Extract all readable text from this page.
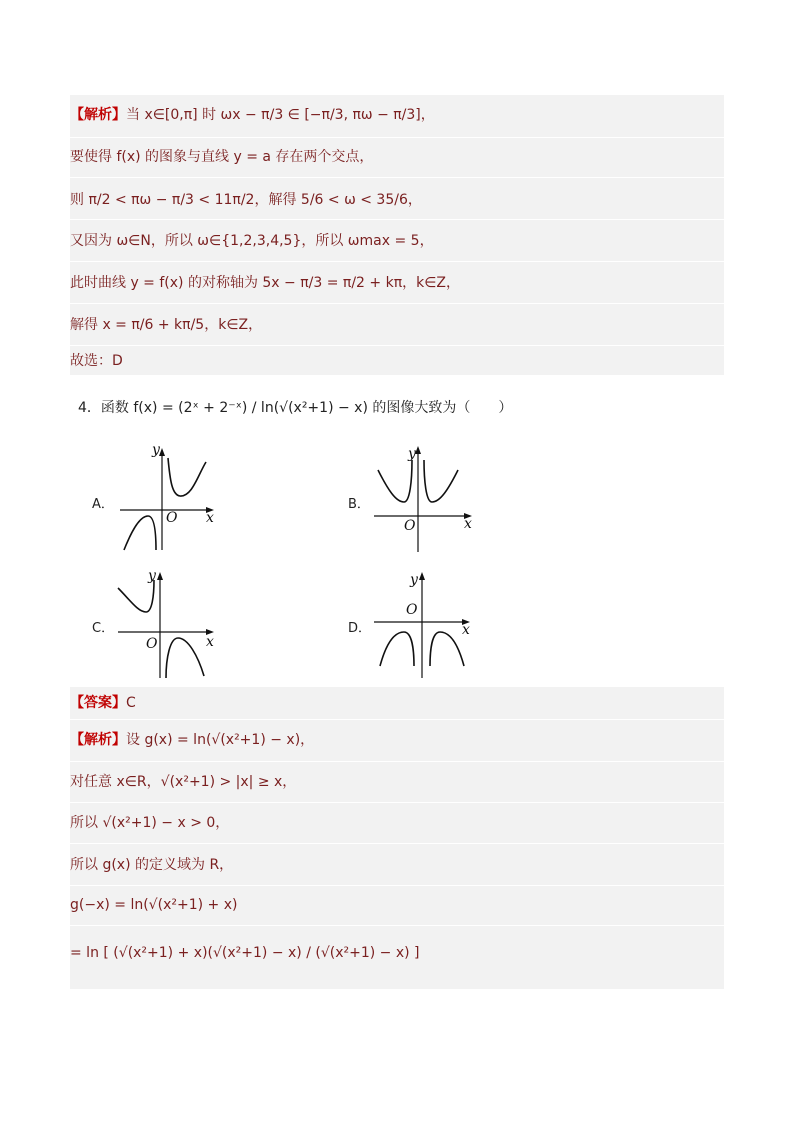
【解析】当 x∈[0,π] 时 ωx − π/3 ∈ [−π/3, πω − π/3]，
要使得 f(x) 的图象与直线 y = a 存在两个交点，
则 π/2 < πω − π/3 < 11π/2，解得 5/6 < ω < 35/6，
又因为 ω∈N，所以 ω∈{1,2,3,4,5}，所以 ωmax = 5，
此时曲线 y = f(x) 的对称轴为 5x − π/3 = π/2 + kπ，k∈Z，
解得 x = π/6 + kπ/5，k∈Z，
故选：D
4．函数 f(x) = (2ˣ + 2⁻ˣ) / ln(√(x²+1) − x) 的图像大致为（　　）
A．
y
x
O
B．
y
x
O
C．
y
x
O
D．
y
x
O
【答案】C
【解析】设 g(x) = ln(√(x²+1) − x)，
对任意 x∈R，√(x²+1) > |x| ≥ x，
所以 √(x²+1) − x > 0，
所以 g(x) 的定义域为 R，
g(−x) = ln(√(x²+1) + x)
= ln [ (√(x²+1) + x)(√(x²+1) − x) / (√(x²+1) − x) ]
